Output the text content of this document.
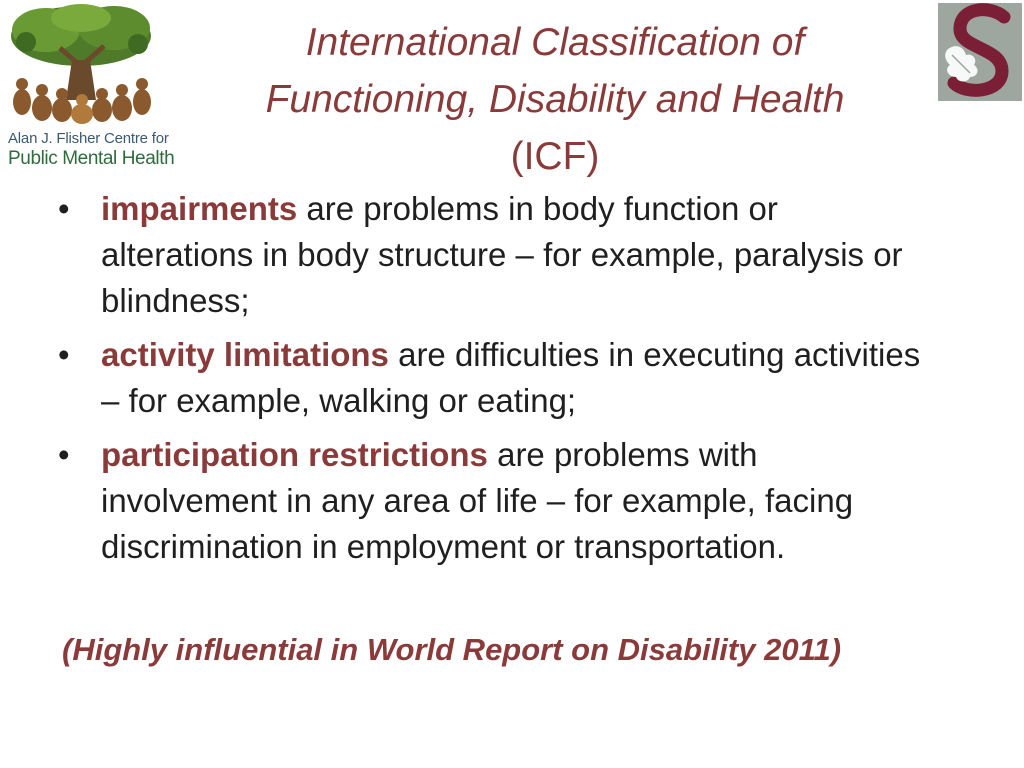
Alan J. Flisher Centre for
Public Mental Health
International Classification of
Functioning, Disability and Health
(ICF)
• impairments are problems in body function or alterations in body structure – for example, paralysis or blindness;
• activity limitations are difficulties in executing activities – for example, walking or eating;
• participation restrictions are problems with involvement in any area of life – for example, facing discrimination in employment or transportation.
(Highly influential in World Report on Disability 2011)
